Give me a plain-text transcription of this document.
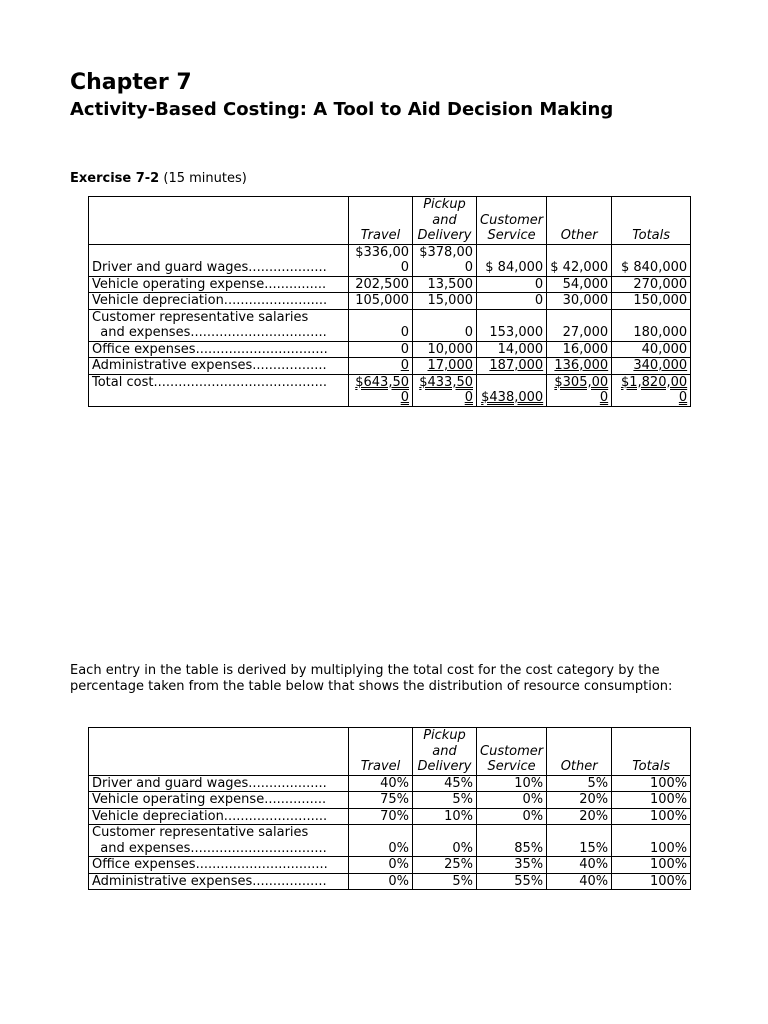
Chapter 7
Activity-Based Costing: A Tool to Aid Decision Making
Exercise 7-2 (15 minutes)
	Travel	Pickup and Delivery	Customer Service	Other	Totals
Driver and guard wages...................	$336,000	$378,000	$ 84,000	$ 42,000	$ 840,000
Vehicle operating expense...............	202,500	13,500	0	54,000	270,000
Vehicle depreciation.........................	105,000	15,000	0	30,000	150,000

Customer representative salaries
and expenses.................................	0	0	153,000	27,000	180,000
Office expenses................................	0	10,000	14,000	16,000	40,000
Administrative expenses..................	0	17,000	187,000	136,000	340,000
Total cost..........................................	$643,500	$433,500	$438,000	$305,000	$1,820,000
Each entry in the table is derived by multiplying the total cost for the cost category by the percentage taken from the table below that shows the distribution of resource consumption:
	Travel	Pickup and Delivery	Customer Service	Other	Totals
Driver and guard wages...................	40%	45%	10%	5%	100%
Vehicle operating expense...............	75%	5%	0%	20%	100%
Vehicle depreciation.........................	70%	10%	0%	20%	100%

Customer representative salaries
and expenses.................................	0%	0%	85%	15%	100%
Office expenses................................	0%	25%	35%	40%	100%
Administrative expenses..................	0%	5%	55%	40%	100%
